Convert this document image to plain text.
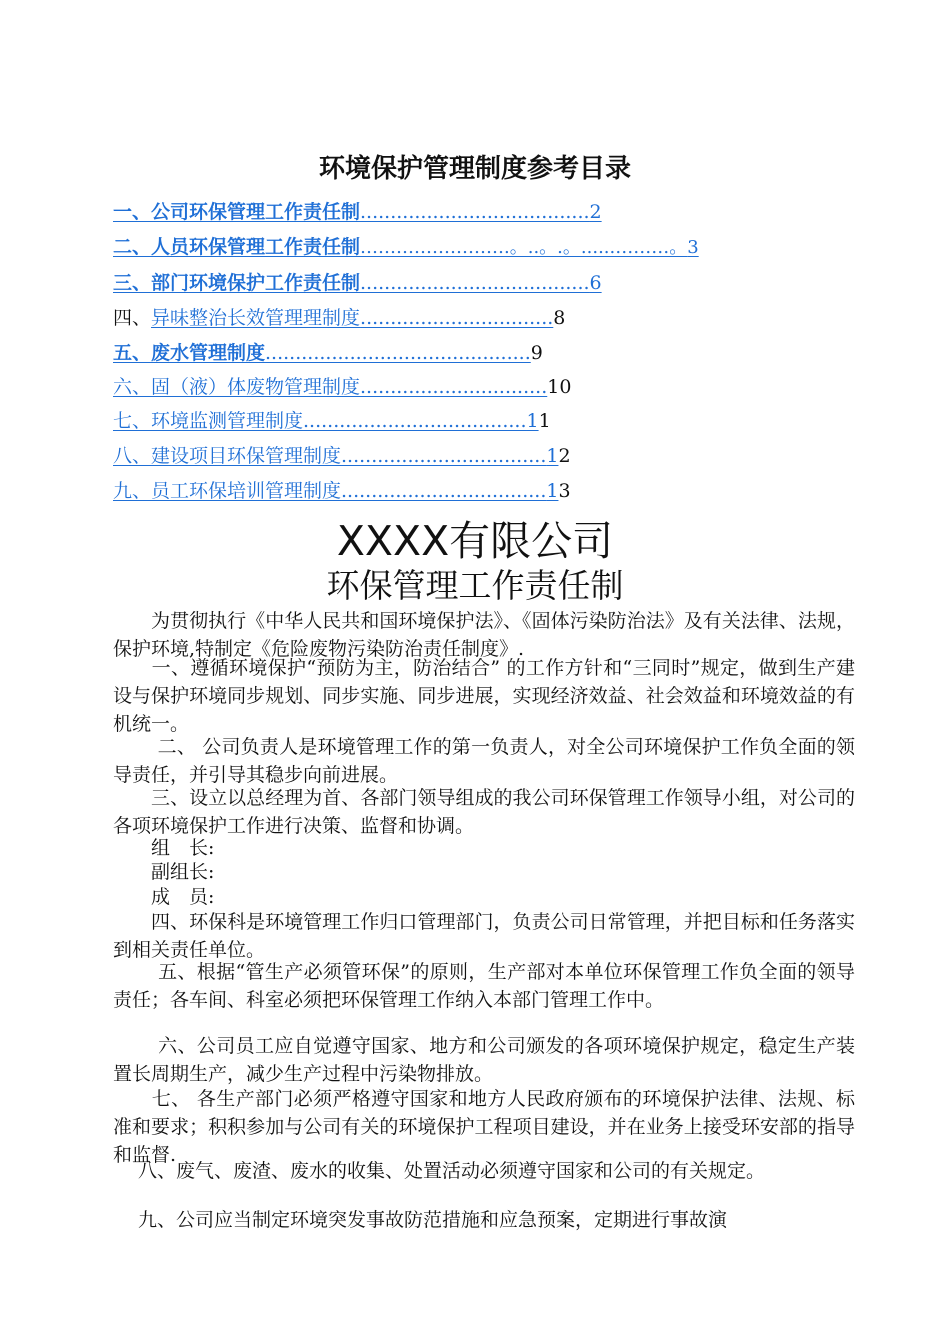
环境保护管理制度参考目录
一、公司环保管理工作责任制......................................2
二、人员环保管理工作责任制…………………….。..。.。......………。3
三、部门环境保护工作责任制......................................6
四、异味整治长效管理理制度................................8
五、废水管理制度............................................9
六、固（液）体废物管理制度...............................10
七、环境监测管理制度.....................................11
八、建设项目环保管理制度..................................12
九、员工环保培训管理制度..................................13
XXXX有限公司
环保管理工作责任制

　　为贯彻执行《中华人民共和国环境保护法》、《固体污染防治法》及有关法律、法规，保护环境,特制定《危险废物污染防治责任制度》.

　　一、遵循环境保护“预防为主，防治结合” 的工作方针和“三同时”规定，做到生产建设与保护环境同步规划、同步实施、同步进展，实现经济效益、社会效益和环境效益的有机统一。

　　 二、 公司负责人是环境管理工作的第一负责人，对全公司环境保护工作负全面的领导责任，并引导其稳步向前进展。

　　三、设立以总经理为首、各部门领导组成的我公司环保管理工作领导小组，对公司的各项环境保护工作进行决策、监督和协调。

　　组　长:

　　副组长:

　　成　员:

　　四、环保科是环境管理工作归口管理部门，负责公司日常管理，并把目标和任务落实到相关责任单位。

　　 五、根据“管生产必须管环保”的原则，生产部对本单位环保管理工作负全面的领导责任；各车间、科室必须把环保管理工作纳入本部门管理工作中。

　　 六、公司员工应自觉遵守国家、地方和公司颁发的各项环境保护规定，稳定生产装置长周期生产，减少生产过程中污染物排放。

　　七、 各生产部门必须严格遵守国家和地方人民政府颁布的环境保护法律、法规、标准和要求；积积参加与公司有关的环境保护工程项目建设，并在业务上接受环安部的指导和监督.

　 八、废气、废渣、废水的收集、处置活动必须遵守国家和公司的有关规定。

　 九、公司应当制定环境突发事故防范措施和应急预案，定期进行事故演
